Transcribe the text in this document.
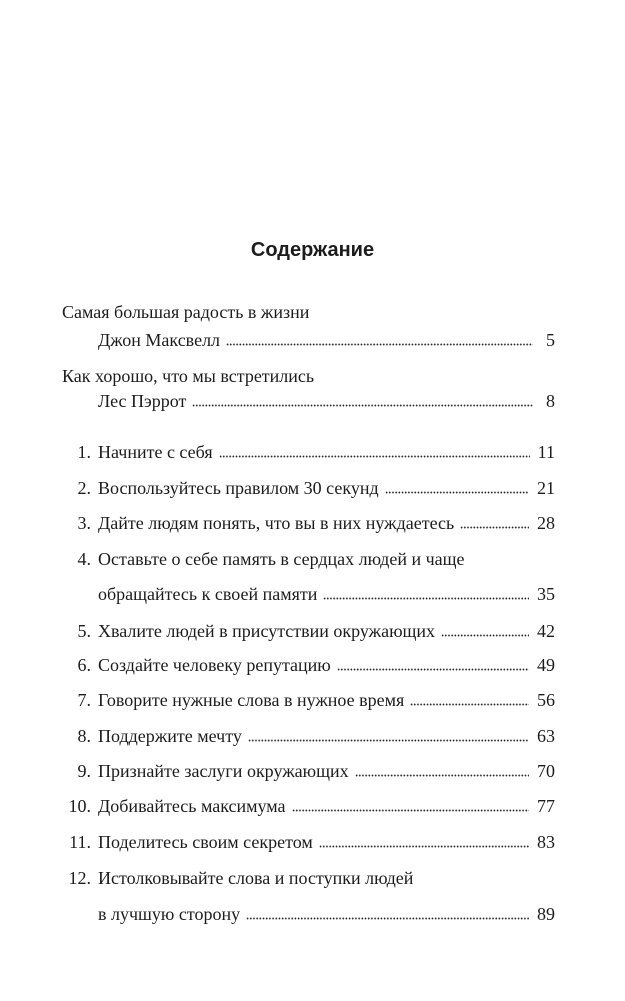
Содержание
Самая большая радость в жизни
Джон Максвелл	5
Как хорошо, что мы встретились
Лес Пэррот	8
1. Начните с себя	11
2. Воспользуйтесь правилом 30 секунд	21
3. Дайте людям понять, что вы в них нуждаетесь	28
4. Оставьте о себе память в сердцах людей и чаще
обращайтесь к своей памяти	35
5. Хвалите людей в присутствии окружающих	42
6. Создайте человеку репутацию	49
7. Говорите нужные слова в нужное время	56
8. Поддержите мечту	63
9. Признайте заслуги окружающих	70
10. Добивайтесь максимума	77
11. Поделитесь своим секретом	83
12. Истолковывайте слова и поступки людей
в лучшую сторону	89
